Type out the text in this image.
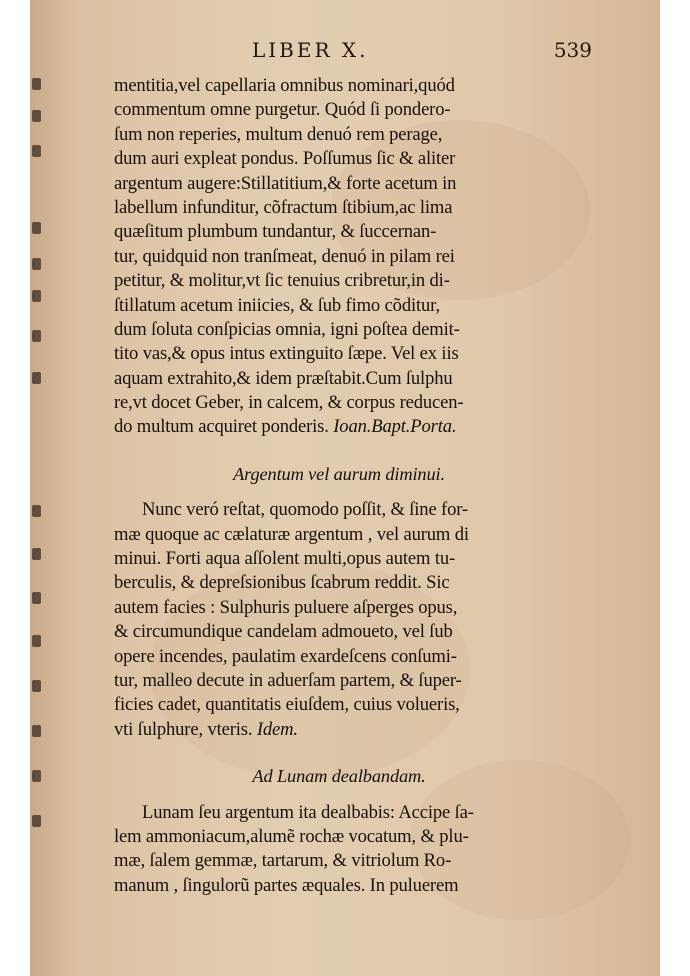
LIBER X.	539
mentitia,vel capellaria omnibus nominari,quód
commentum omne purgetur. Quód ſi pondero-
ſum non reperies, multum denuó rem perage,
dum auri expleat pondus. Poſſumus ſic & aliter
argentum augere:Stillatitium,& forte acetum in
labellum infunditur, cõfractum ſtibium,ac lima
quæſitum plumbum tundantur, & ſuccernan-
tur, quidquid non tranſmeat, denuó in pilam rei
petitur, & molitur,vt ſic tenuius cribretur,in di-
ſtillatum acetum iniicies, & ſub fimo cõditur,
dum ſoluta conſpicias omnia, igni poſtea demit-
tito vas,& opus intus extinguito ſæpe. Vel ex iis
aquam extrahito,& idem præſtabit.Cum ſulphu
re,vt docet Geber, in calcem, & corpus reducen-
do multum acquiret ponderis. Ioan.Bapt.Porta.
Argentum vel aurum diminui.
Nunc veró reſtat, quomodo poſſit, & ſine for-
mæ quoque ac cælaturæ argentum , vel aurum di
minui. Forti aqua aſſolent multi,opus autem tu-
berculis, & depreſsionibus ſcabrum reddit. Sic
autem facies : Sulphuris puluere aſperges opus,
& circumundique candelam admoueto, vel ſub
opere incendes, paulatim exardeſcens conſumi-
tur, malleo decute in aduerſam partem, & ſuper-
ficies cadet, quantitatis eiuſdem, cuius volueris,
vti ſulphure, vteris. Idem.
Ad Lunam dealbandam.
Lunam ſeu argentum ita dealbabis: Accipe ſa-
lem ammoniacum,alumẽ rochæ vocatum, & plu-
mæ, ſalem gemmæ, tartarum, & vitriolum Ro-
manum , ſingulorũ partes æquales. In puluerem
